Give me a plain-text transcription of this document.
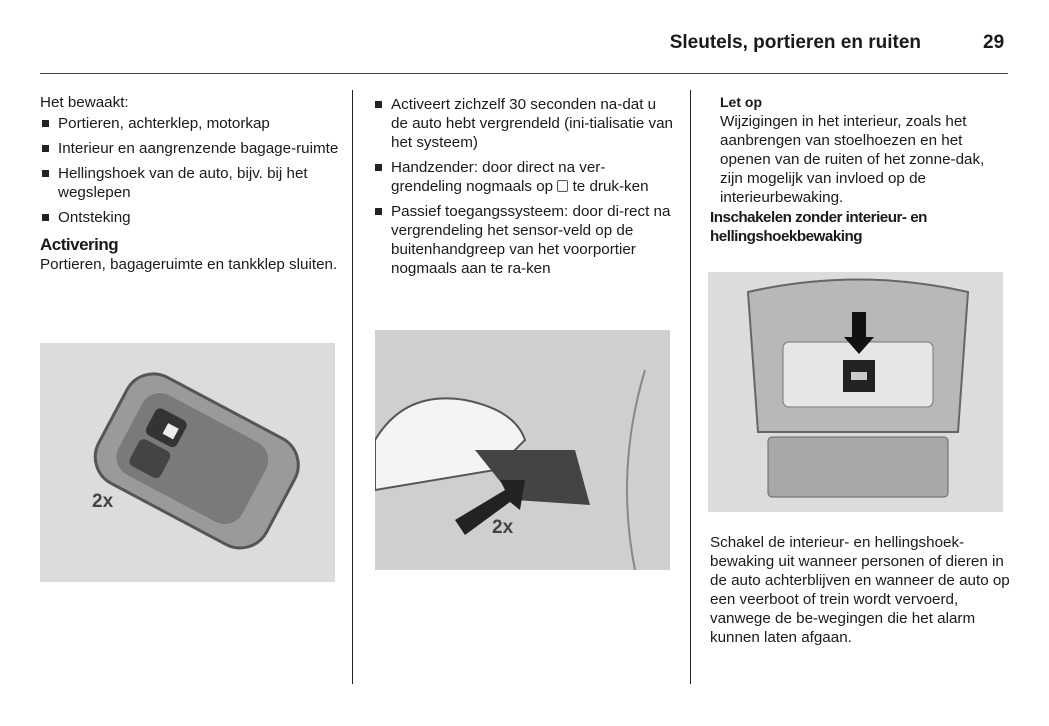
Sleutels, portieren en ruiten	29

Het bewaakt:

Portieren, achterklep, motorkap
Interieur en aangrenzende bagage-ruimte
Hellingshoek van de auto, bijv. bij het wegslepen
Ontsteking
Activering

Portieren, bagageruimte en tankklep sluiten.

2x
Activeert zichzelf 30 seconden na-dat u de auto hebt vergrendeld (ini-tialisatie van het systeem)
Handzender: door direct na ver-grendeling nogmaals op  te druk-ken
Passief toegangssysteem: door di-rect na vergrendeling het sensor-veld op de buitenhandgreep van het voorportier nogmaals aan te ra-ken
2x
Let op

Wijzigingen in het interieur, zoals het aanbrengen van stoelhoezen en het openen van de ruiten of het zonne-dak, zijn mogelijk van invloed op de interieurbewaking.

Inschakelen zonder interieur- en hellingshoekbewaking

Schakel de interieur- en hellingshoek-bewaking uit wanneer personen of dieren in de auto achterblijven en wanneer de auto op een veerboot of trein wordt vervoerd, vanwege de be-wegingen die het alarm kunnen laten afgaan.
